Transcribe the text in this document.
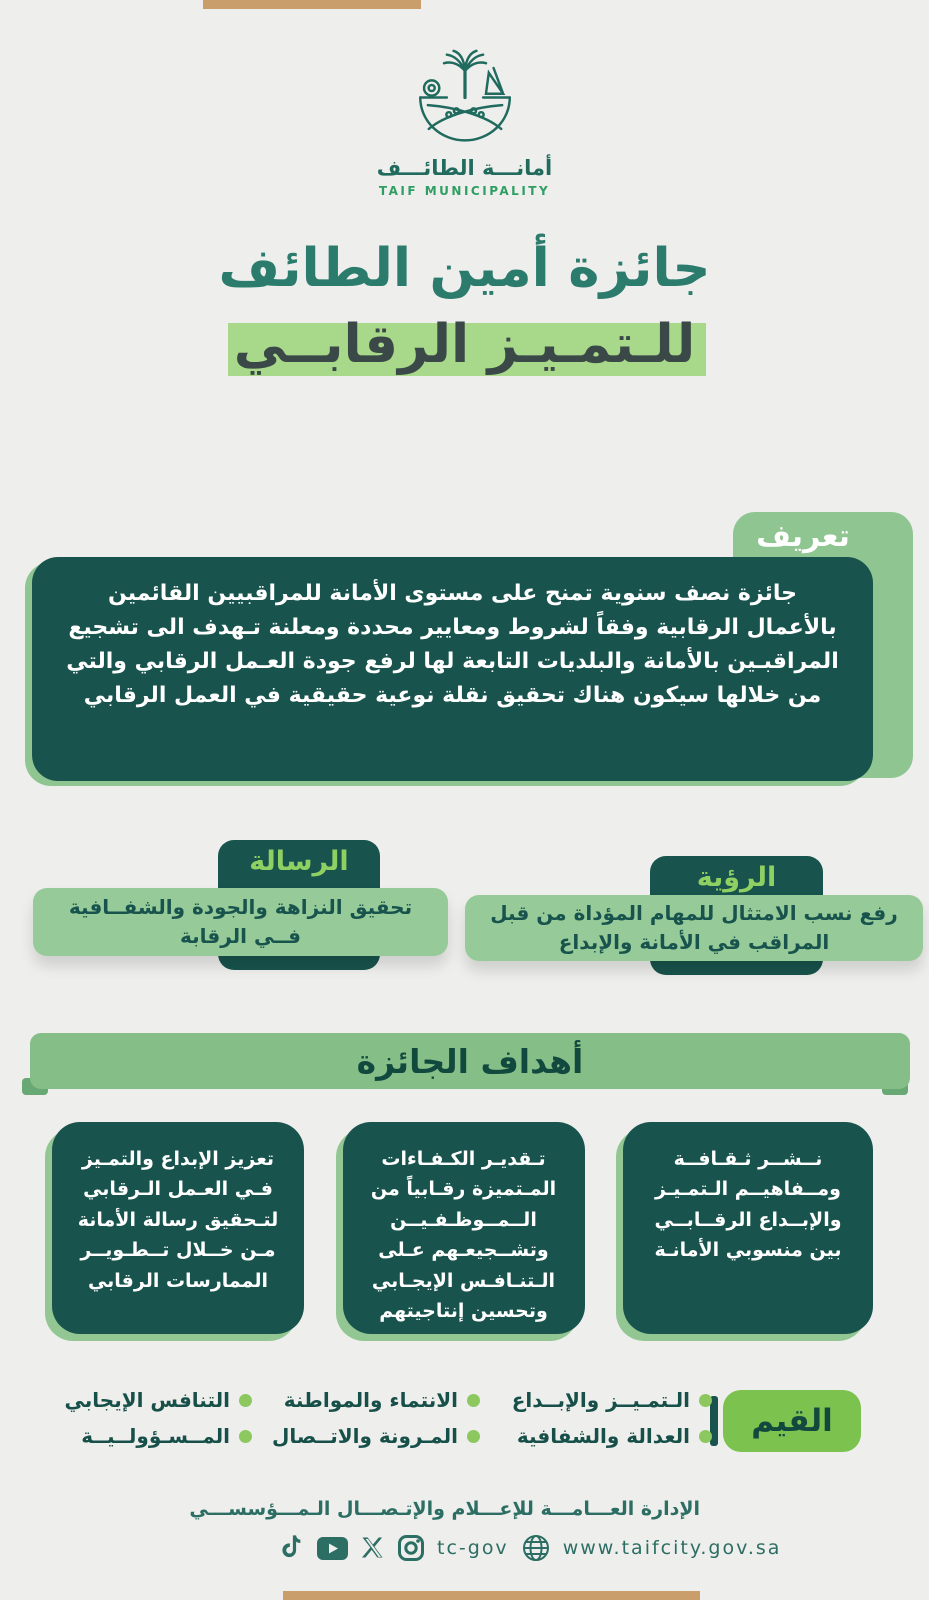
أمانـــة الطائـــف
TAIF MUNICIPALITY
جائزة أمين الطائف
للـتمـيـز الرقابــي
تعريف
جائزة نصف سنوية تمنح على مستوى الأمانة للمراقبيين القائمين بالأعمال الرقابية وفقاً لشروط ومعايير محددة ومعلنة تـهدف الى تشجيع المراقبـين بالأمانة والبلديات التابعة لها لرفع جودة العـمل الرقابي والتي من خلالها سيكون هناك تحقيق نقلة نوعية حقيقية في العمل الرقابي
الرؤية
رفع نسب الامتثال للمهام المؤداة من قبل المراقب في الأمانة والإبداع
الرسالة
تحقيق النزاهة والجودة والشفــافية فــي الرقابة
أهداف الجائزة
نــشــر ثـقـافــة ومــفاهيــم الـتمـيـز والإبــداع الرقــابــي بين منسوبي الأمانـة
تـقديـر الكـفـاءات المـتميزة رقـابياً من الــمــوظـفـيــن وتشــجيعـهم عـلى الـتنـافـس الإيجـابي وتحسين إنتاجيتهم
تعزيز الإبداع والتمـيز فـي العـمل الـرقابي لتـحقيق رسالة الأمانة مـن خــلال تــطـويــر الممارسات الرقابي
القيم
الـتمـيــز والإبــداع
الانتماء والمواطنة
التنافس الإيجابي
العدالة والشفافية
المـرونة والاتــصال
المــسـؤولــيــة
الإدارة العـــامـــة للإعـــلام والإتـصـــال الـمـــؤسســـي
tc-gov	www.taifcity.gov.sa
